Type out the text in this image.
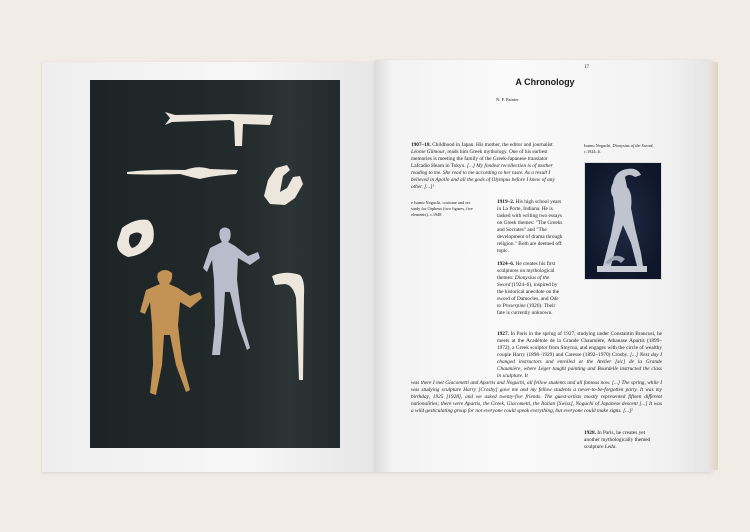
17
A Chronology
N. F. Painter
1907–18. Childhood in Japan. His mother, the editor and journalist Léonie Gilmour, reads him Greek mythology. One of his earliest memories is meeting the family of the Greek-Japanese translator Lafcadio Hearn in Tokyo. [...] My fondest recollection is of mother reading to me. She read to me according to her taste. As a result I believed in Apollo and all the gods of Olympus before I knew of any other. [...]¹
Isamu Noguchi, Dionysius of the Sword, c.1924–6.
e Isamu Noguchi, costume and set study for Orpheus (two figures, five elements), c.1948
1919–2. His high school years in La Porte, Indiana. He is tasked with writing two essays on Greek themes: "The Greeks and Socrates" and "The development of drama through religion." Both are deemed off topic.
1924–6. He creates his first sculptures on mythological themes: Dionysius of the Sword (1924–6), inspired by the historical anecdote on the sword of Damocles, and Ode to Proserpine (1926). Their fate is currently unknown.
1927. In Paris in the spring of 1927, studying under Constantin Brancusi, he meets at the Académie de la Grande Chaumière, Athanase Apartis (1899–1972), a Greek sculptor from Smyrna, and engages with the circle of wealthy couple Harry (1898–1929) and Caresse (1892–1970) Crosby. [...] Next day I changed instructors and enrolled at the Atelier [sic] de la Grande Chaumière, where Léger taught painting and Bourdelle instructed the class in sculpture. It
was there I met Giacometti and Apartis and Noguchi, all fellow students and all famous now. [...] The spring, while I was studying sculpture Harry [Crosby] gave me and my fellow students a never-to-be-forgotten party. It was my birthday, 1925 [1928], and we asked twenty-five friends. The guest-artists mostly represented fifteen different nationalities; there were Apartis, the Greek, Giacometti, the Italian [Swiss], Noguchi of Japanese descent [...] It was a wild gesticulating group for not everyone could speak everything, but everyone could make signs. [...]²
1928. In Paris, he creates yet another mythologically themed sculpture Leda.
